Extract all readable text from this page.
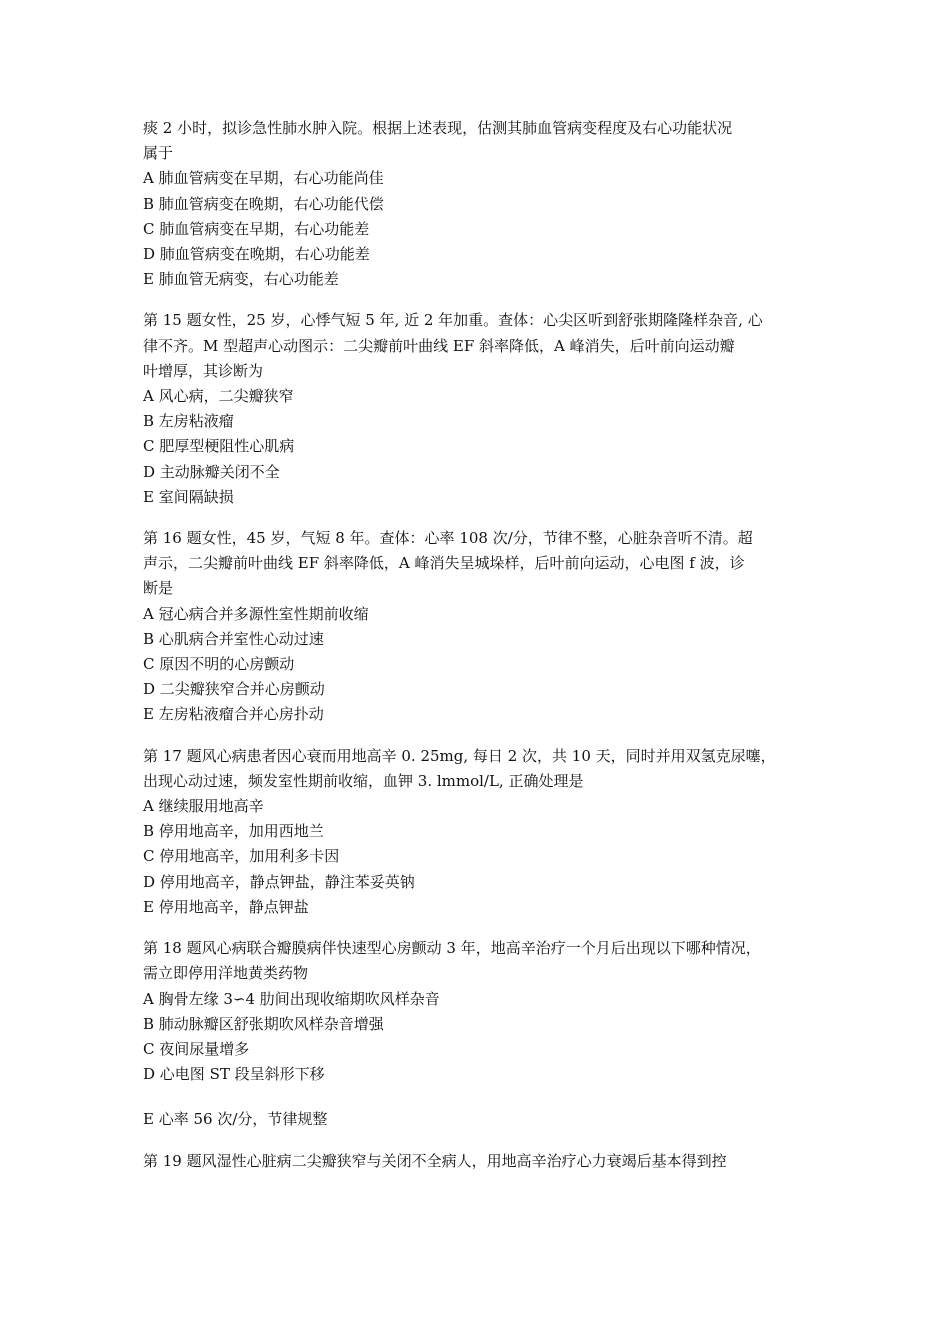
痰 2 小时，拟诊急性肺水肿入院。根据上述表现，估测其肺血管病变程度及右心功能状况
属于
A 肺血管病变在早期，右心功能尚佳
B 肺血管病变在晚期，右心功能代偿
C 肺血管病变在早期，右心功能差
D 肺血管病变在晚期，右心功能差
E 肺血管无病变，右心功能差
第 15 题女性，25 岁，心悸气短 5 年, 近 2 年加重。查体：心尖区听到舒张期隆隆样杂音, 心
律不齐。M 型超声心动图示：二尖瓣前叶曲线 EF 斜率降低，A 峰消失，后叶前向运动瓣
叶增厚，其诊断为
A 风心病，二尖瓣狭窄
B 左房粘液瘤
C 肥厚型梗阻性心肌病
D 主动脉瓣关闭不全
E 室间隔缺损
第 16 题女性，45 岁，气短 8 年。查体：心率 108 次/分，节律不整，心脏杂音听不清。超
声示，二尖瓣前叶曲线 EF 斜率降低，A 峰消失呈城垛样，后叶前向运动，心电图 f 波，诊
断是
A 冠心病合并多源性室性期前收缩
B 心肌病合并室性心动过速
C 原因不明的心房颤动
D 二尖瓣狭窄合并心房颤动
E 左房粘液瘤合并心房扑动
第 17 题风心病患者因心衰而用地高辛 0. 25mg, 每日 2 次，共 10 天，同时并用双氢克尿噻，
出现心动过速，频发室性期前收缩，血钾 3. lmmol/L, 正确处理是
A 继续服用地高辛
B 停用地高辛，加用西地兰
C 停用地高辛，加用利多卡因
D 停用地高辛，静点钾盐，静注苯妥英钠
E 停用地高辛，静点钾盐
第 18 题风心病联合瓣膜病伴快速型心房颤动 3 年，地高辛治疗一个月后出现以下哪种情况，
需立即停用洋地黄类药物
A 胸骨左缘 3∽4 肋间出现收缩期吹风样杂音
B 肺动脉瓣区舒张期吹风样杂音增强
C 夜间尿量增多
D 心电图 ST 段呈斜形下移
E 心率 56 次/分，节律规整
第 19 题风湿性心脏病二尖瓣狭窄与关闭不全病人，用地高辛治疗心力衰竭后基本得到控
